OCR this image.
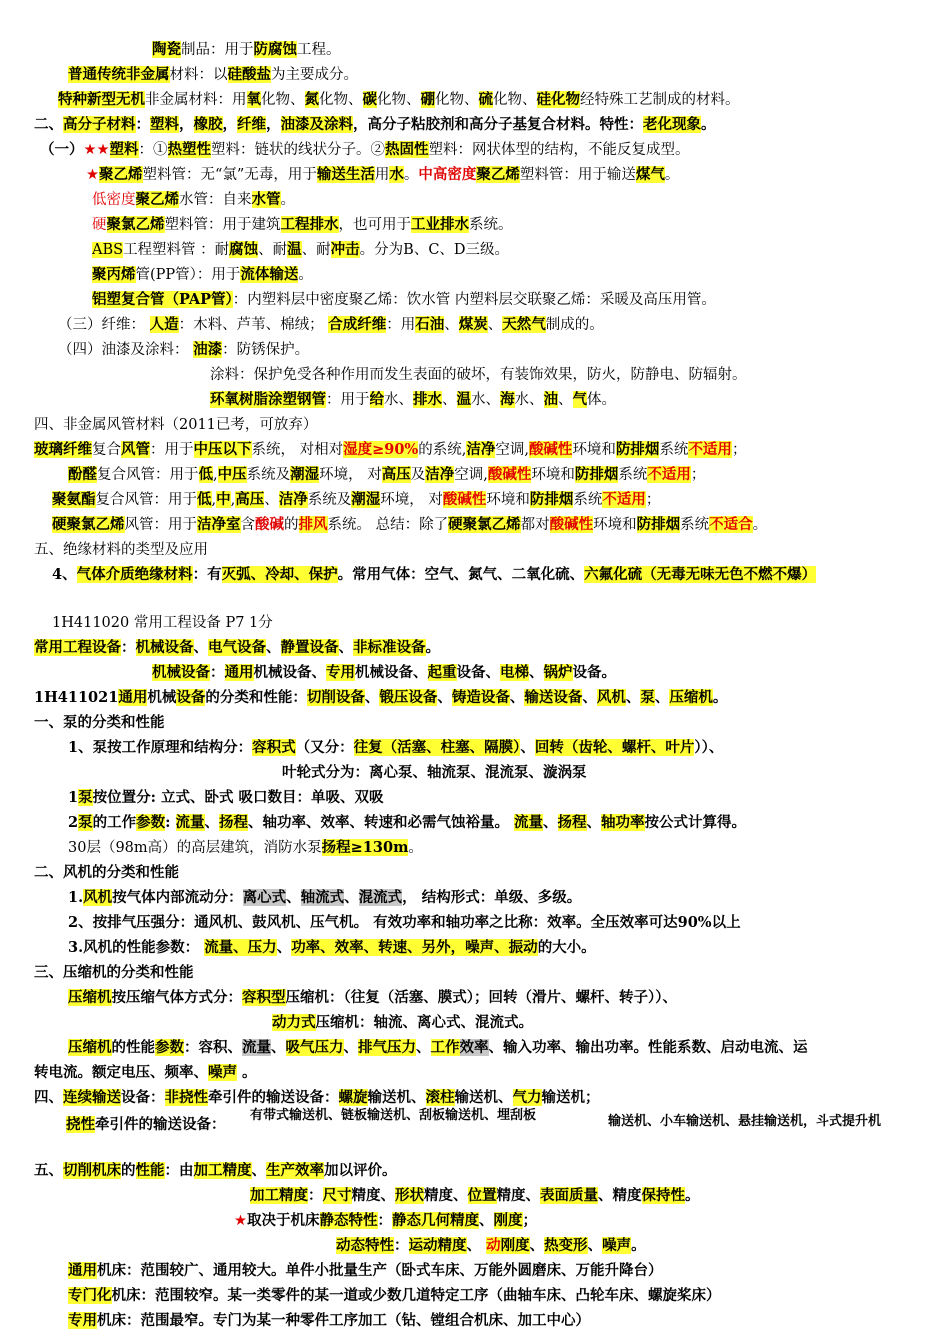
陶瓷制品：用于防腐蚀工程。
普通传统非金属材料：以硅酸盐为主要成分。
特种新型无机非金属材料：用氧化物、氮化物、碳化物、硼化物、硫化物、硅化物经特殊工艺制成的材料。
二、高分子材料：塑料，橡胶，纤维，油漆及涂料，高分子粘胶剂和高分子基复合材料。特性：老化现象。
（一）★★塑料：①热塑性塑料：链状的线状分子。②热固性塑料：网状体型的结构，不能反复成型。
★聚乙烯塑料管：无“氯”无毒，用于输送生活用水。中高密度聚乙烯塑料管：用于输送煤气。
低密度聚乙烯水管：自来水管。
硬聚氯乙烯塑料管：用于建筑工程排水，也可用于工业排水系统。
ABS工程塑料管 ：耐腐蚀、耐温、耐冲击。分为B、C、D三级。
聚丙烯管(PP管）：用于流体输送。
铝塑复合管（PAP管）：内塑料层中密度聚乙烯：饮水管 内塑料层交联聚乙烯：采暖及高压用管。
（三）纤维： 人造：木料、芦苇、棉绒； 合成纤维：用石油、煤炭、天然气制成的。
（四）油漆及涂料： 油漆：防锈保护。
涂料：保护免受各种作用而发生表面的破坏，有装饰效果，防火，防静电、防辐射。
环氧树脂涂塑钢管：用于给水、排水、温水、海水、油、气体。
四、非金属风管材料（2011已考，可放弃）
玻璃纤维复合风管：用于中压以下系统， 对相对湿度≥90%的系统,洁净空调,酸碱性环境和防排烟系统不适用；
酚醛复合风管：用于低,中压系统及潮湿环境， 对高压及洁净空调,酸碱性环境和防排烟系统不适用；
聚氨酯复合风管：用于低,中,高压、洁净系统及潮湿环境， 对酸碱性环境和防排烟系统不适用；
硬聚氯乙烯风管：用于洁净室含酸碱的排风系统。 总结：除了硬聚氯乙烯都对酸碱性环境和防排烟系统不适合。
五、绝缘材料的类型及应用
4、气体介质绝缘材料：有灭弧、冷却、保护。常用气体：空气、氮气、二氧化硫、六氟化硫（无毒无味无色不燃不爆）
1H411020 常用工程设备 P7 1分
常用工程设备：机械设备、电气设备、静置设备、非标准设备。
机械设备：通用机械设备、专用机械设备、起重设备、电梯、锅炉设备。
1H411021通用机械设备的分类和性能：切削设备、锻压设备、铸造设备、输送设备、风机、泵、压缩机。
一、泵的分类和性能
1、泵按工作原理和结构分：容积式（又分：往复（活塞、柱塞、隔膜）、回转（齿轮、螺杆、叶片））、
叶轮式分为：离心泵、轴流泵、混流泵、漩涡泵
1泵按位置分: 立式、卧式 吸口数目：单吸、双吸
2泵的工作参数: 流量、扬程、轴功率、效率、转速和必需气蚀裕量。 流量、扬程、轴功率按公式计算得。
30层（98m高）的高层建筑，消防水泵扬程≥130m。
二、风机的分类和性能
1.风机按气体内部流动分：离心式、轴流式、混流式， 结构形式：单级、多级。
2、按排气压强分：通风机、鼓风机、压气机。 有效功率和轴功率之比称：效率。全压效率可达90%以上
3.风机的性能参数： 流量、压力、功率、效率、转速、另外，噪声、振动的大小。
三、压缩机的分类和性能
压缩机按压缩气体方式分：容积型压缩机：（往复（活塞、膜式）；回转（滑片、螺杆、转子））、
动力式压缩机：轴流、离心式、混流式。
压缩机的性能参数：容积、流量、吸气压力、排气压力、工作效率、输入功率、输出功率。性能系数、启动电流、运
转电流。额定电压、频率、噪声 。
四、连续输送设备：非挠性牵引件的输送设备：螺旋输送机、滚柱输送机、气力输送机；
挠性牵引件的输送设备：
有带式输送机、链板输送机、刮板输送机、埋刮板	输送机、小车输送机、悬挂输送机，斗式提升机
五、切削机床的性能：由加工精度、生产效率加以评价。
加工精度：尺寸精度、形状精度、位置精度、表面质量、精度保持性。
★取决于机床静态特性：静态几何精度、刚度；
动态特性：运动精度、 动刚度、热变形、噪声。
通用机床：范围较广、通用较大。单件小批量生产（卧式车床、万能外圆磨床、万能升降台）
专门化机床：范围较窄。某一类零件的某一道或少数几道特定工序（曲轴车床、凸轮车床、螺旋桨床）
专用机床：范围最窄。专门为某一种零件工序加工（钻、镗组合机床、加工中心）
